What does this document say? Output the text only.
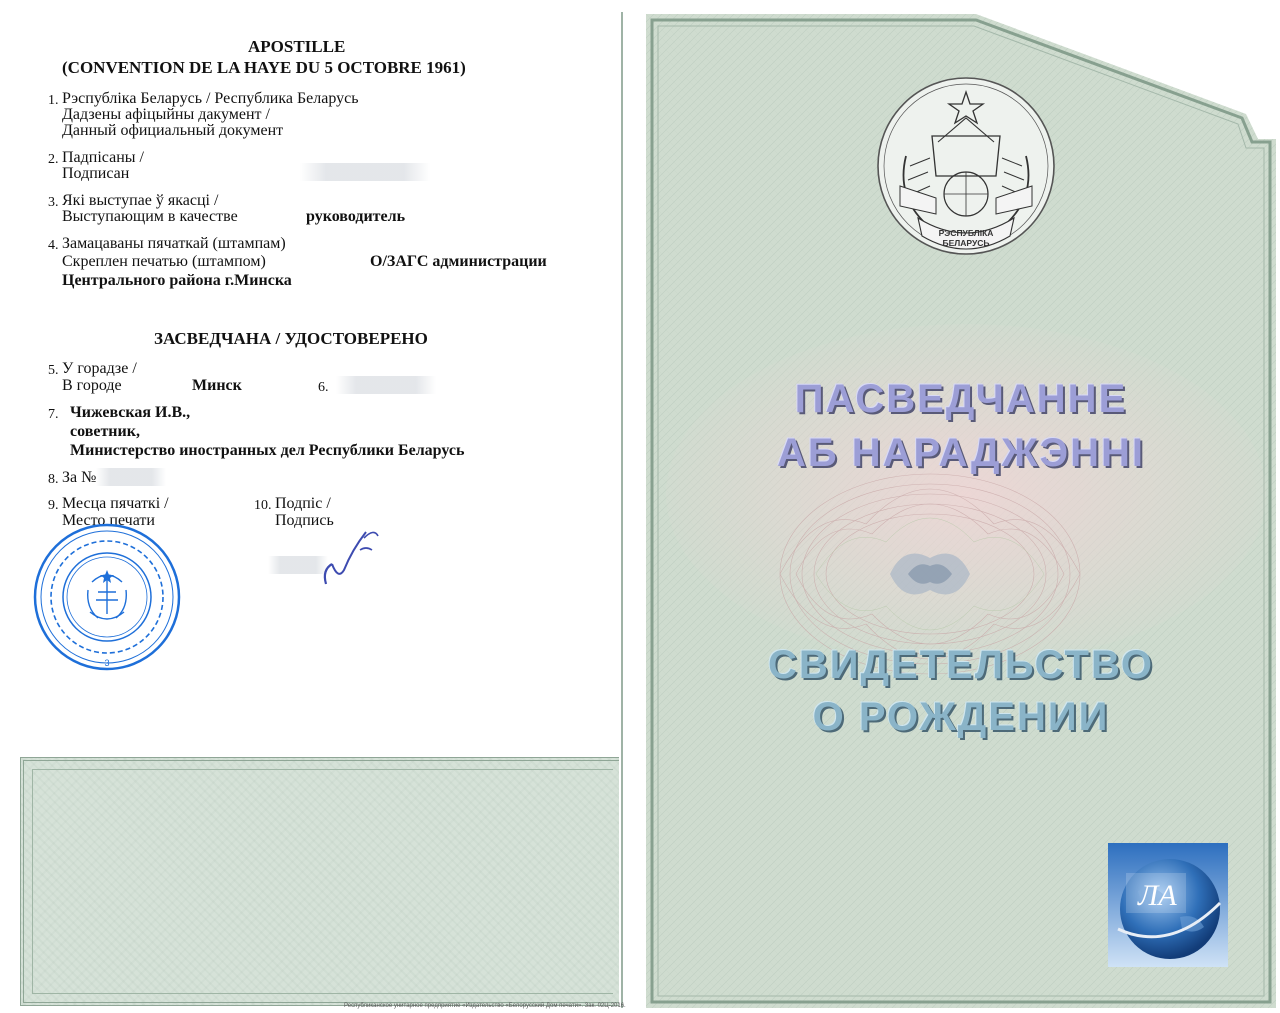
APOSTILLE
(CONVENTION DE LA HAYE DU 5 OCTOBRE 1961)
1. Рэспубліка Беларусь / Республика Беларусь
Дадзены афіцыйны дакумент /
Данный официальный документ
2. Падпісаны /
Подписан
3. Які выступае ў якасці /
Выступающим в качестве	руководитель
4. Замацаваны пячаткай (штампам)
Скреплен печатью (штампом)	О/ЗАГС администрации
Центрального района г.Минска
ЗАСВЕДЧАНА / УДОСТОВЕРЕНО
5. У горадзе /
В городе	Минск	6.
7. Чижевская И.В.,
советник,
Министерство иностранных дел Республики Беларусь
8. За №
9. Месца пячаткі /
Место печати
10. Подпіс /
Подпись
3
Республиканское унитарное предприятие «Издательство «Белорусский Дом печати». Зак. 02Ц-2016.
РЭСПУБЛІКА
БЕЛАРУСЬ
ПАСВЕДЧАННЕ
АБ НАРАДЖЭННІ
СВИДЕТЕЛЬСТВО
О РОЖДЕНИИ
ЛА
